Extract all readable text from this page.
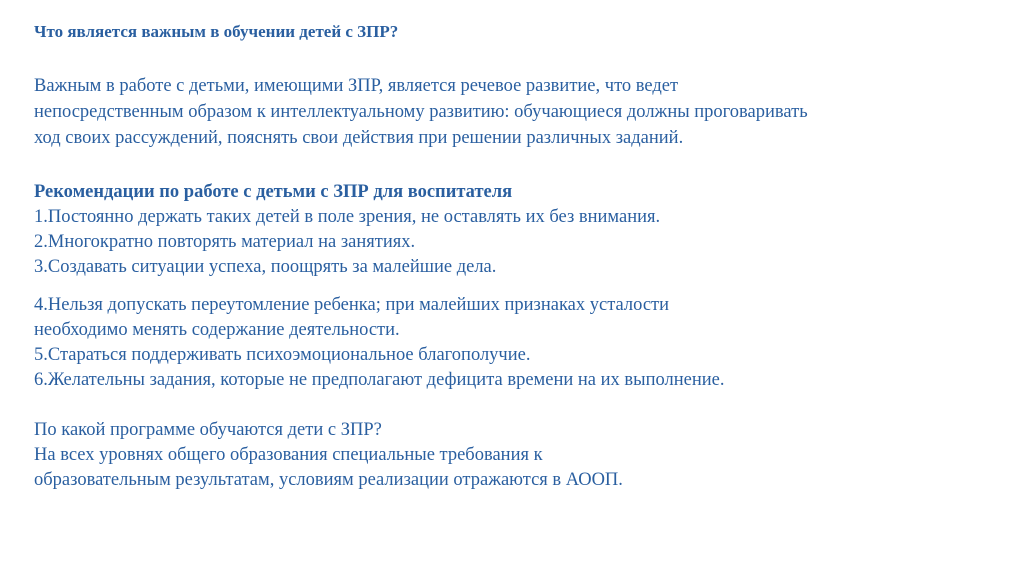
Что является важным в обучении детей с ЗПР?

Важным в работе с детьми, имеющими ЗПР, является речевое развитие, что ведет

непосредственным образом к интеллектуальному развитию: обучающиеся должны проговаривать

ход своих рассуждений, пояснять свои действия при решении различных заданий.

Рекомендации по работе с детьми с ЗПР для воспитателя

1.Постоянно держать таких детей в поле зрения, не оставлять их без внимания.

2.Многократно повторять материал на занятиях.

3.Создавать ситуации успеха, поощрять за малейшие дела.

4.Нельзя допускать переутомление ребенка; при малейших признаках усталости

необходимо менять содержание деятельности.

5.Стараться поддерживать психоэмоциональное благополучие.

6.Желательны задания, которые не предполагают дефицита времени на их выполнение.

По какой программе обучаются дети с ЗПР?

На всех уровнях общего образования специальные требования к

образовательным результатам, условиям реализации отражаются в АООП.
